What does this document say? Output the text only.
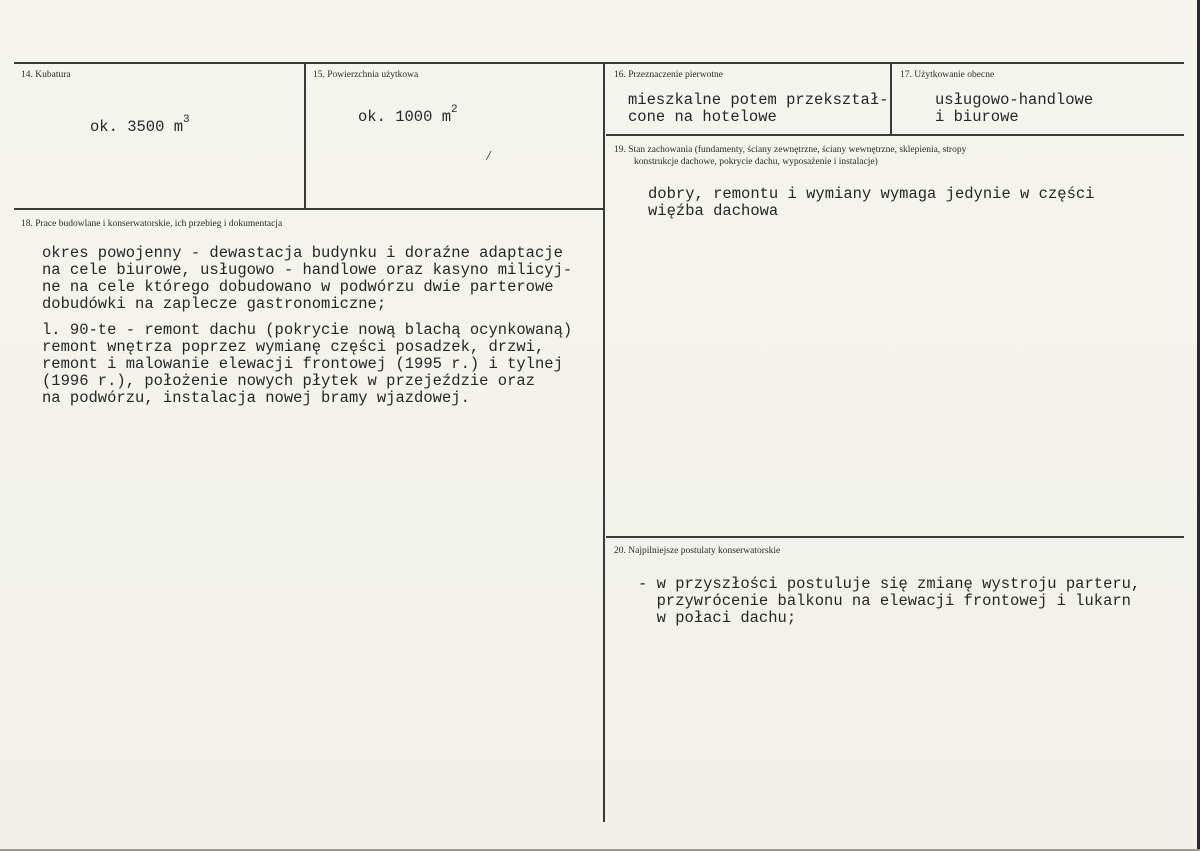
14. Kubatura
ok. 3500 $m^3$
15. Powierzchnia użytkowa
ok. 1000 $m^2$
/
16. Przeznaczenie pierwotne
mieszkalne potem przekształ-
cone na hotelowe
17. Użytkowanie obecne
usługowo-handlowe
i biurowe
19. Stan zachowania (fundamenty, ściany zewnętrzne, ściany wewnętrzne, sklepienia, stropy
konstrukcje dachowe, pokrycie dachu, wyposażenie i instalacje)
dobry, remontu i wymiany wymaga jedynie w części
więźba dachowa
18. Prace budowlane i konserwatorskie, ich przebieg i dokumentacja
okres powojenny - dewastacja budynku i doraźne adaptacje
na cele biurowe, usługowo - handlowe oraz kasyno milicyj-
ne na cele którego dobudowano w podwórzu dwie parterowe
dobudówki na zaplecze gastronomiczne;
l. 90-te - remont dachu (pokrycie nową blachą ocynkowaną)
remont wnętrza poprzez wymianę części posadzek, drzwi,
remont i malowanie elewacji frontowej (1995 r.) i tylnej
(1996 r.), położenie nowych płytek w przejeździe oraz
na podwórzu, instalacja nowej bramy wjazdowej.
20. Najpilniejsze postulaty konserwatorskie
- w przyszłości postuluje się zmianę wystroju parteru,
przywrócenie balkonu na elewacji frontowej i lukarn
w połaci dachu;
